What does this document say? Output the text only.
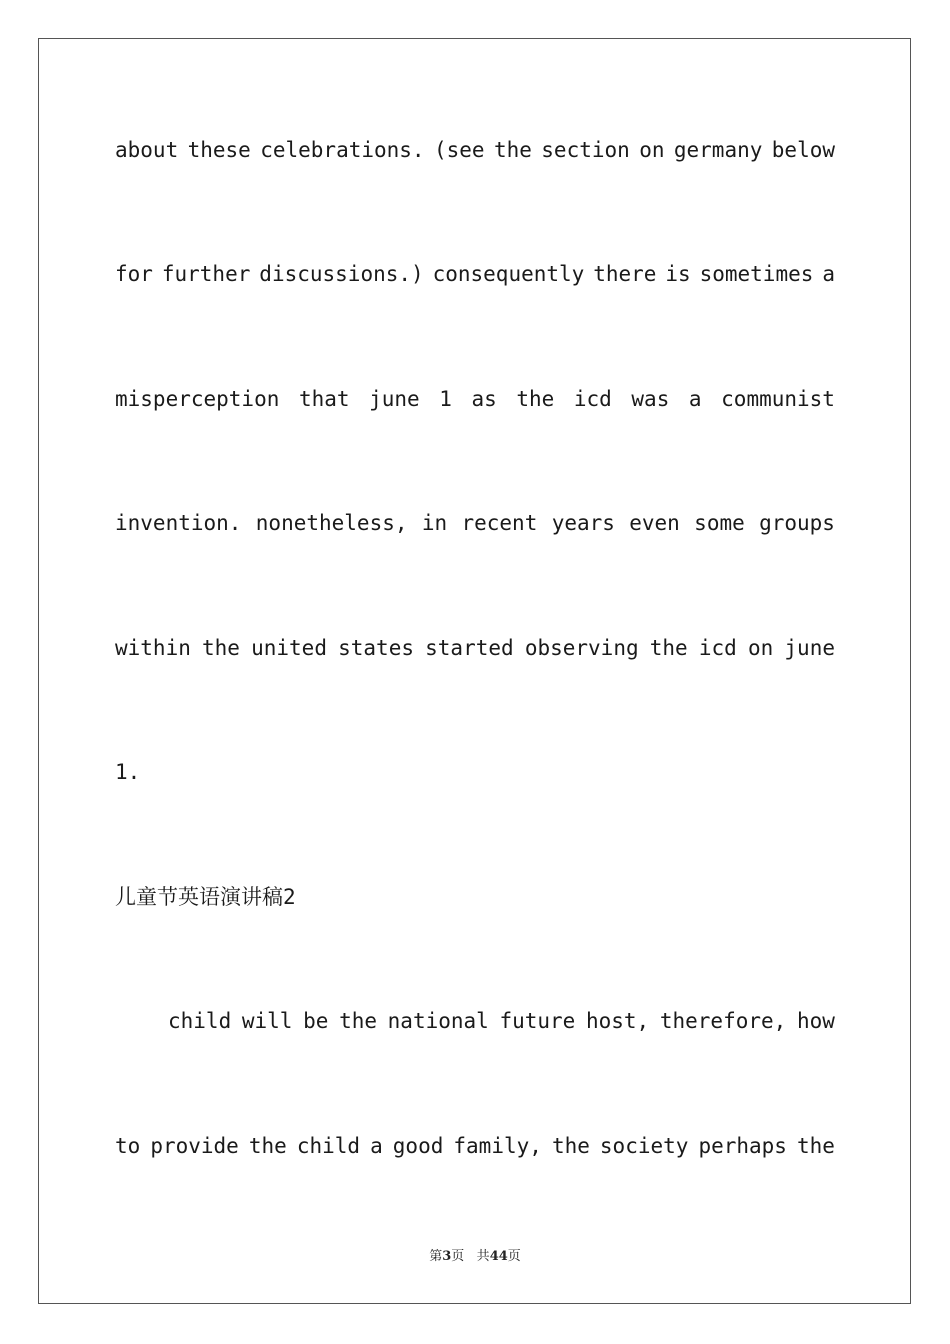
about these celebrations. (see the section on germany below
for further discussions.) consequently there is sometimes a
misperception that june 1 as the icd was a communist
invention. nonetheless, in recent years even some groups
within the united states started observing the icd on june
1.
儿童节英语演讲稿2
child will be the national future host, therefore, how
to provide the child a good family, the society perhaps the
第3页 共44页
